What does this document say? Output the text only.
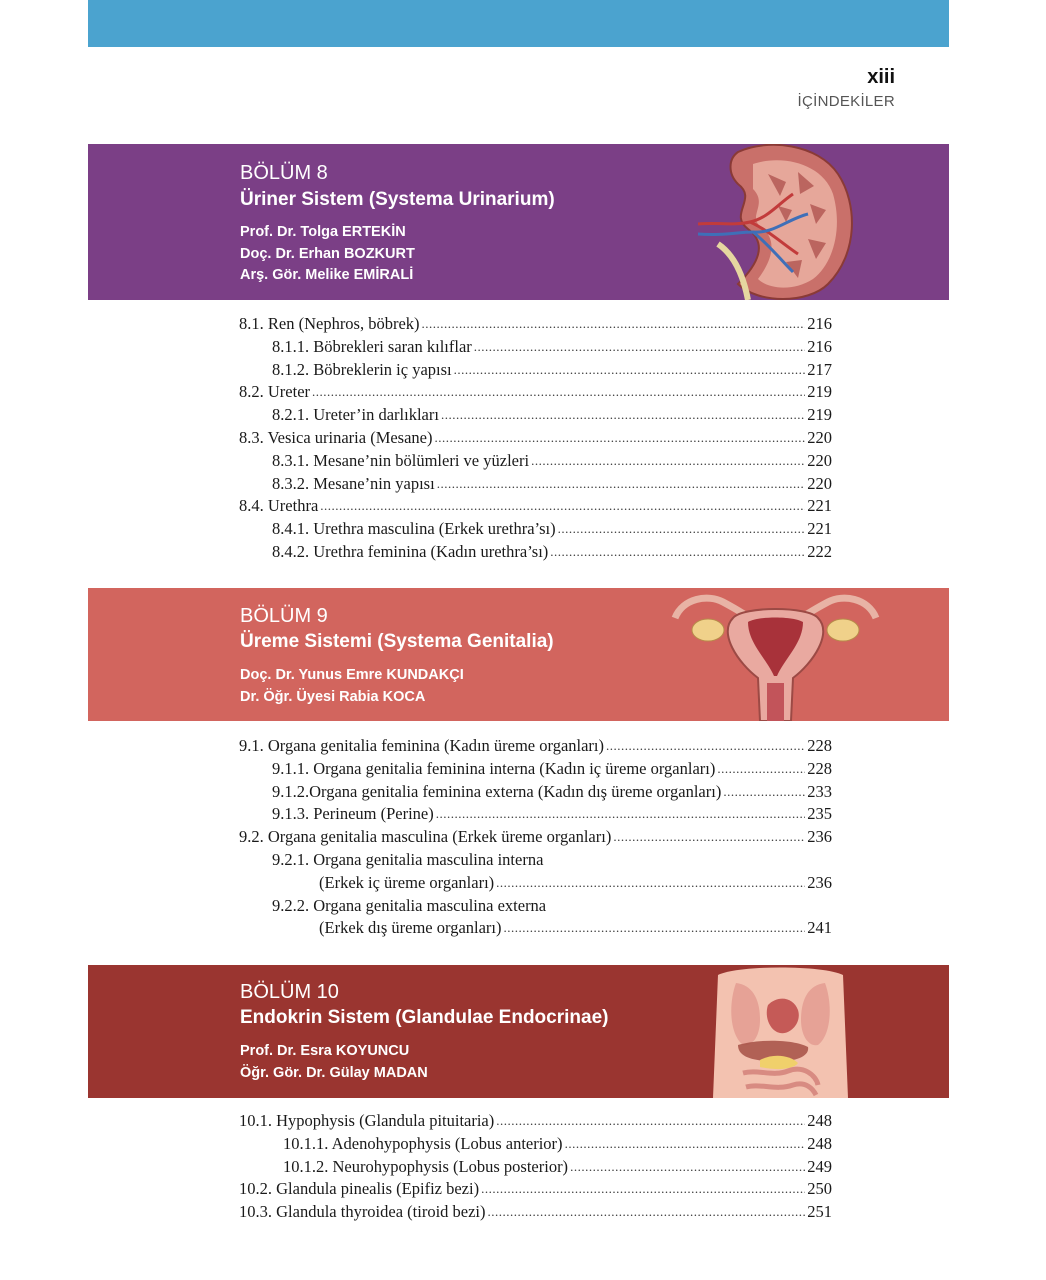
xiii
İÇİNDEKİLER
BÖLÜM 8
Üriner Sistem (Systema Urinarium)
Prof. Dr. Tolga ERTEKİN
Doç. Dr. Erhan BOZKURT
Arş. Gör. Melike EMİRALİ
8.1. Ren (Nephros, böbrek) .....	216
8.1.1. Böbrekleri saran kılıflar .....	216
8.1.2. Böbreklerin iç yapısı .....	217
8.2. Ureter .....	219
8.2.1. Ureter’in darlıkları .....	219
8.3. Vesica urinaria (Mesane) .....	220
8.3.1. Mesane’nin bölümleri ve yüzleri .....	220
8.3.2. Mesane’nin yapısı .....	220
8.4. Urethra .....	221
8.4.1. Urethra masculina (Erkek urethra’sı) .....	221
8.4.2. Urethra feminina (Kadın urethra’sı) .....	222
BÖLÜM 9
Üreme Sistemi (Systema Genitalia)
Doç. Dr. Yunus Emre KUNDAKÇI
Dr. Öğr. Üyesi Rabia KOCA
9.1. Organa genitalia feminina (Kadın üreme organları) .....	228
9.1.1. Organa genitalia feminina interna (Kadın iç üreme organları) .....	228
9.1.2.Organa genitalia feminina externa (Kadın dış üreme organları) .....	233
9.1.3. Perineum (Perine) .....	235
9.2. Organa genitalia masculina (Erkek üreme organları) .....	236
9.2.1. Organa genitalia masculina interna
(Erkek iç üreme organları) .....	236
9.2.2. Organa genitalia masculina externa
(Erkek dış üreme organları) .....	241
BÖLÜM 10
Endokrin Sistem (Glandulae Endocrinae)
Prof. Dr. Esra KOYUNCU
Öğr. Gör. Dr. Gülay MADAN
10.1. Hypophysis (Glandula pituitaria) .....	248
10.1.1. Adenohypophysis (Lobus anterior) .....	248
10.1.2. Neurohypophysis (Lobus posterior) .....	249
10.2. Glandula pinealis (Epifiz bezi) .....	250
10.3. Glandula thyroidea (tiroid bezi) .....	251
